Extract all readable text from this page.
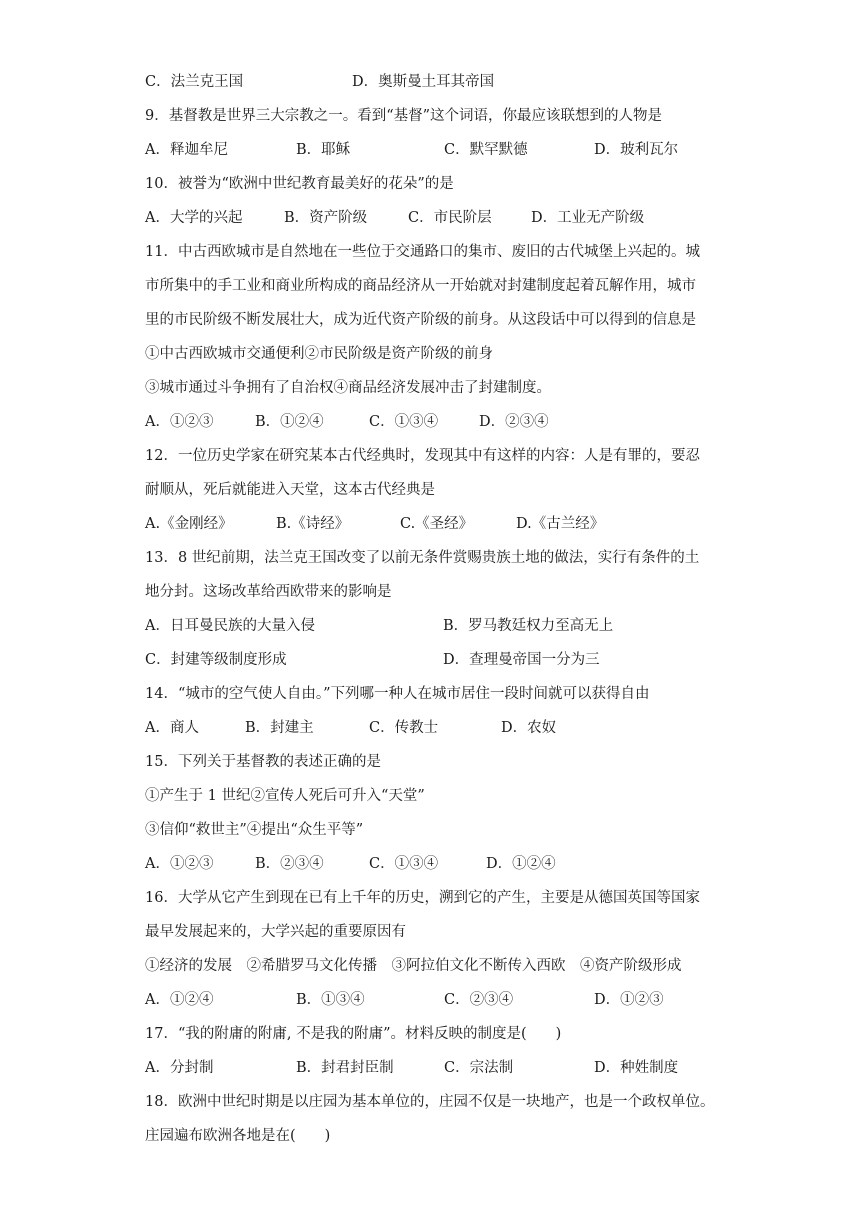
C．法兰克王国	D．奥斯曼土耳其帝国
9．基督教是世界三大宗教之一。看到“基督”这个词语，你最应该联想到的人物是
A．释迦牟尼	B．耶稣	C．默罕默德	D．玻利瓦尔
10．被誉为“欧洲中世纪教育最美好的花朵”的是
A．大学的兴起	B．资产阶级	C．市民阶层	D．工业无产阶级
11．中古西欧城市是自然地在一些位于交通路口的集市、废旧的古代城堡上兴起的。城
市所集中的手工业和商业所构成的商品经济从一开始就对封建制度起着瓦解作用，城市
里的市民阶级不断发展壮大，成为近代资产阶级的前身。从这段话中可以得到的信息是
①中古西欧城市交通便利②市民阶级是资产阶级的前身
③城市通过斗争拥有了自治权④商品经济发展冲击了封建制度。
A．①②③	B．①②④	C．①③④	D．②③④
12．一位历史学家在研究某本古代经典时，发现其中有这样的内容：人是有罪的，要忍
耐顺从，死后就能进入天堂，这本古代经典是
A.《金刚经》	B.《诗经》	C.《圣经》	D.《古兰经》
13．8 世纪前期，法兰克王国改变了以前无条件赏赐贵族土地的做法，实行有条件的土
地分封。这场改革给西欧带来的影响是
A．日耳曼民族的大量入侵	B．罗马教廷权力至高无上
C．封建等级制度形成	D．查理曼帝国一分为三
14．“城市的空气使人自由。”下列哪一种人在城市居住一段时间就可以获得自由
A．商人	B．封建主	C．传教士	D．农奴
15．下列关于基督教的表述正确的是
①产生于 1 世纪②宣传人死后可升入“天堂”
③信仰“救世主”④提出“众生平等”
A．①②③	B．②③④	C．①③④	D．①②④
16．大学从它产生到现在已有上千年的历史，溯到它的产生，主要是从德国英国等国家
最早发展起来的，大学兴起的重要原因有
①经济的发展　②希腊罗马文化传播　③阿拉伯文化不断传入西欧　④资产阶级形成
A．①②④	B．①③④	C．②③④	D．①②③
17．“我的附庸的附庸, 不是我的附庸”。材料反映的制度是(　　)
A．分封制	B．封君封臣制	C．宗法制	D．种姓制度
18．欧洲中世纪时期是以庄园为基本单位的，庄园不仅是一块地产，也是一个政权单位。
庄园遍布欧洲各地是在(　　)
